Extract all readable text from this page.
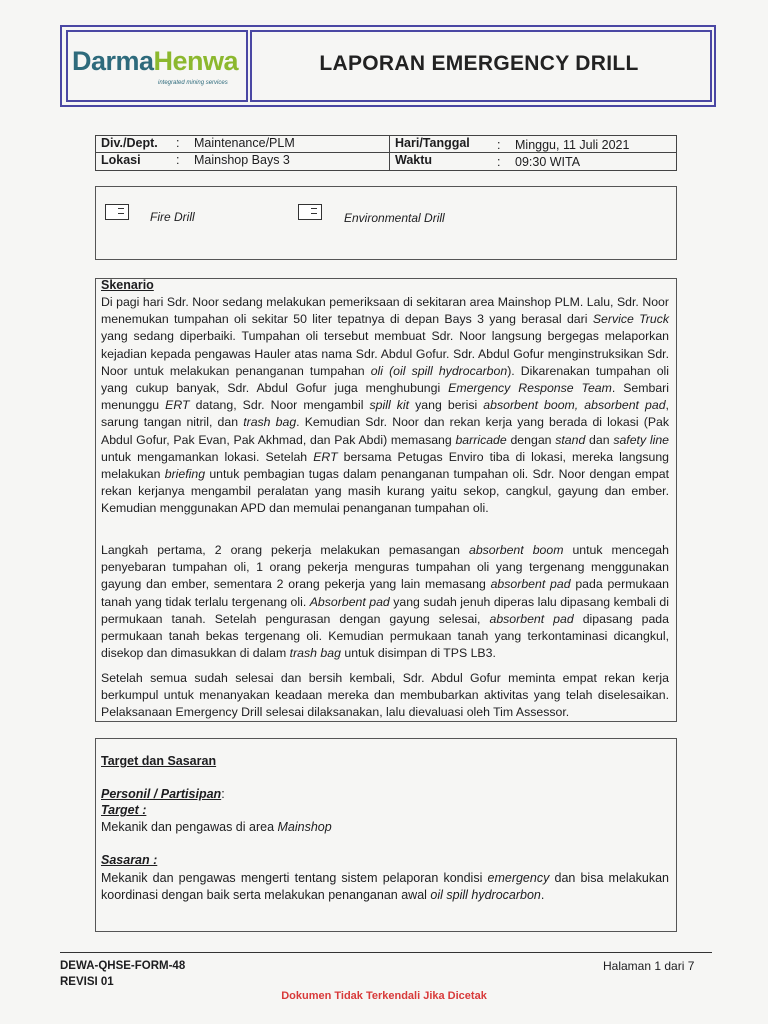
DarmaHenwa
integrated mining services
LAPORAN EMERGENCY DRILL
Div./Dept. : Maintenance/PLM
Lokasi	: Mainshop Bays 3
Hari/Tanggal : Minggu, 11 Juli 2021
Waktu	: 09:30 WITA
Fire Drill	Environmental Drill
Skenario
Di pagi hari Sdr. Noor sedang melakukan pemeriksaan di sekitaran area Mainshop PLM. Lalu, Sdr. Noor menemukan tumpahan oli sekitar 50 liter tepatnya di depan Bays 3 yang berasal dari Service Truck yang sedang diperbaiki. Tumpahan oli tersebut membuat Sdr. Noor langsung bergegas melaporkan kejadian kepada pengawas Hauler atas nama Sdr. Abdul Gofur. Sdr. Abdul Gofur menginstruksikan Sdr. Noor untuk melakukan penanganan tumpahan oli (oil spill hydrocarbon). Dikarenakan tumpahan oli yang cukup banyak, Sdr. Abdul Gofur juga menghubungi Emergency Response Team. Sembari menunggu ERT datang, Sdr. Noor mengambil spill kit yang berisi absorbent boom, absorbent pad, sarung tangan nitril, dan trash bag. Kemudian Sdr. Noor dan rekan kerja yang berada di lokasi (Pak Abdul Gofur, Pak Evan, Pak Akhmad, dan Pak Abdi) memasang barricade dengan stand dan safety line untuk mengamankan lokasi. Setelah ERT bersama Petugas Enviro tiba di lokasi, mereka langsung melakukan briefing untuk pembagian tugas dalam penanganan tumpahan oli. Sdr. Noor dengan empat rekan kerjanya mengambil peralatan yang masih kurang yaitu sekop, cangkul, gayung dan ember. Kemudian menggunakan APD dan memulai penanganan tumpahan oli.
Langkah pertama, 2 orang pekerja melakukan pemasangan absorbent boom untuk mencegah penyebaran tumpahan oli, 1 orang pekerja menguras tumpahan oli yang tergenang menggunakan gayung dan ember, sementara 2 orang pekerja yang lain memasang absorbent pad pada permukaan tanah yang tidak terlalu tergenang oli. Absorbent pad yang sudah jenuh diperas lalu dipasang kembali di permukaan tanah. Setelah pengurasan dengan gayung selesai, absorbent pad dipasang pada permukaan tanah bekas tergenang oli. Kemudian permukaan tanah yang terkontaminasi dicangkul, disekop dan dimasukkan di dalam trash bag untuk disimpan di TPS LB3.
Setelah semua sudah selesai dan bersih kembali, Sdr. Abdul Gofur meminta empat rekan kerja berkumpul untuk menanyakan keadaan mereka dan membubarkan aktivitas yang telah diselesaikan. Pelaksanaan Emergency Drill selesai dilaksanakan, lalu dievaluasi oleh Tim Assessor.
Target dan Sasaran
Personil / Partisipan:
Target :
Mekanik dan pengawas di area Mainshop
Sasaran :
Mekanik dan pengawas mengerti tentang sistem pelaporan kondisi emergency dan bisa melakukan koordinasi dengan baik serta melakukan penanganan awal oil spill hydrocarbon.
DEWA-QHSE-FORM-48
REVISI 01
Halaman 1 dari 7
Dokumen Tidak Terkendali Jika Dicetak
